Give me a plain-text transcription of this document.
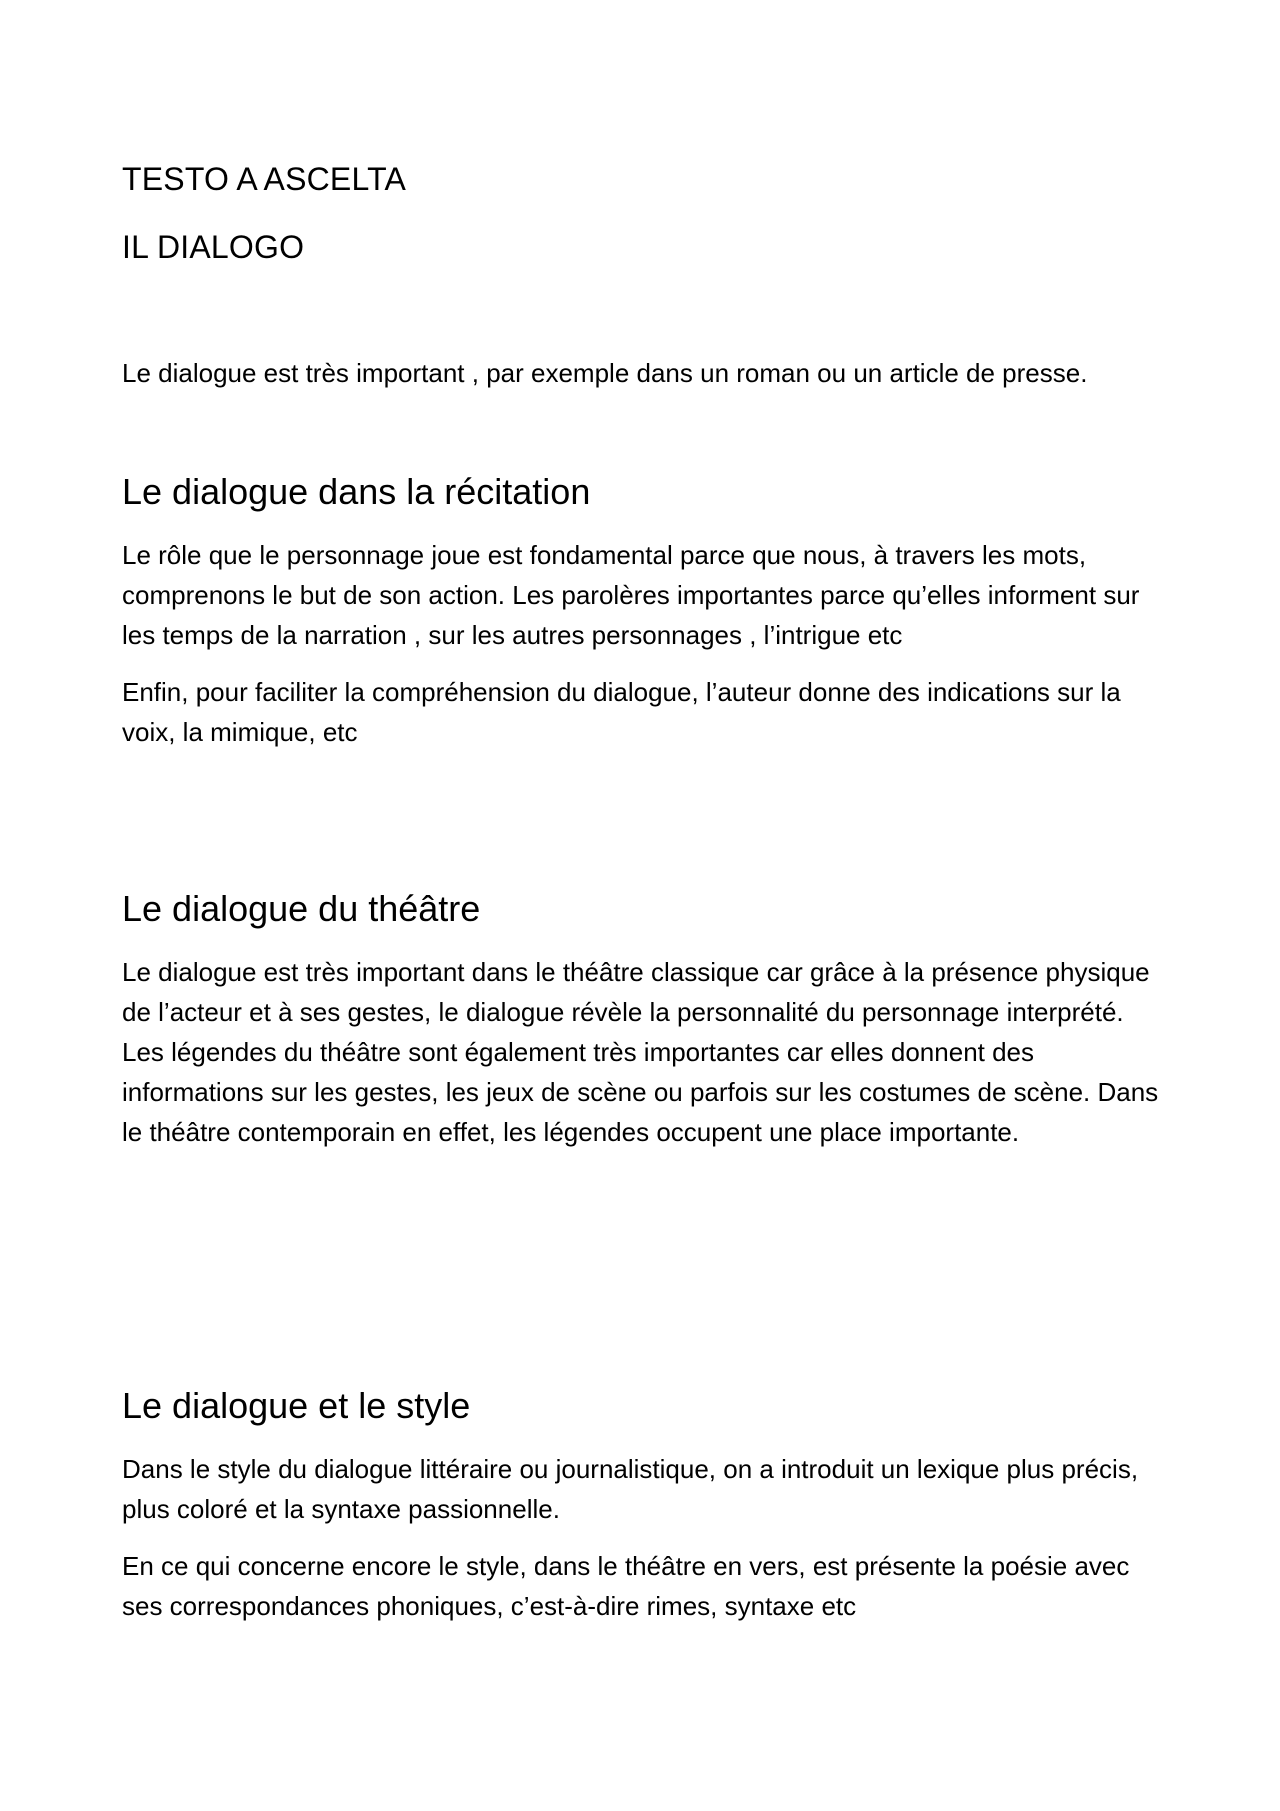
TESTO A ASCELTA

IL DIALOGO

Le dialogue est très important , par exemple dans un roman ou un article de presse.

Le dialogue dans la récitation

Le rôle que le personnage joue est fondamental parce que nous, à travers les mots, comprenons le but de son action. Les parolères importantes parce qu’elles informent sur les temps de la narration , sur les autres personnages , l’intrigue etc

Enfin, pour faciliter la compréhension du dialogue, l’auteur donne des indications sur la voix, la mimique, etc

Le dialogue du théâtre

Le dialogue est très important dans le théâtre classique car grâce à la présence physique de l’acteur et à ses gestes, le dialogue révèle la personnalité du personnage interprété. Les légendes du théâtre sont également très importantes car elles donnent des informations sur les gestes, les jeux de scène ou parfois sur les costumes de scène. Dans le théâtre contemporain en effet, les légendes occupent une place importante.

Le dialogue et le style

Dans le style du dialogue littéraire ou journalistique, on a introduit un lexique plus précis, plus coloré et la syntaxe passionnelle.

En ce qui concerne encore le style, dans le théâtre en vers, est présente la poésie avec ses correspondances phoniques, c’est-à-dire rimes, syntaxe etc
